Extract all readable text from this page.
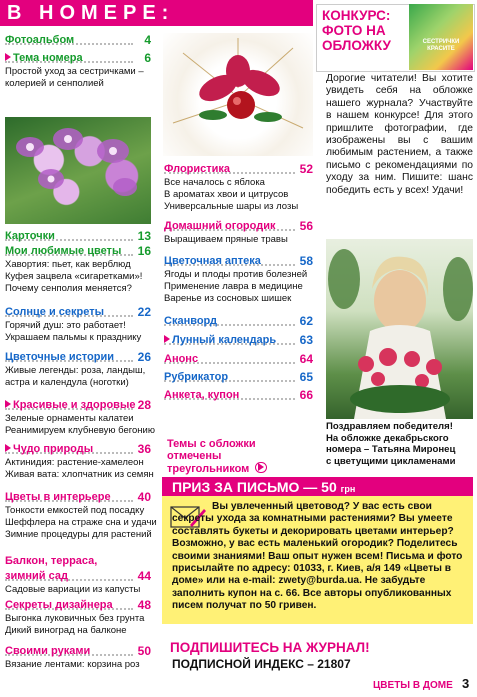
В НОМЕРЕ:
Фотоальбом	4
Тема номера	6
Простой уход за сестричками –
колерией и сенполией
Карточки	13
Мои любимые цветы 16
Хавортия: пьет, как верблюд
Куфея зацвела «сигаретками»!
Почему сенполия меняется?
Солнце и секреты	22
Горячий душ: это работает!
Украшаем пальмы к празднику
Цветочные истории 26
Живые легенды: роза, ландыш,
астра и календула (ноготки)
Красивые и здоровые 28
Зеленые орнаменты калатеи
Реанимируем клубневую бегонию
Чудо природы	36
Актинидия: растение-хамелеон
Живая вата: хлопчатник из семян
Цветы в интерьере 40
Тонкости емкостей под посадку
Шеффлера на страже сна и удачи
Зимние процедуры для растений
Балкон, терраса, зимний сад	44
Садовые вариации из капусты
Секреты дизайнера 48
Выгонка луковичных без грунта
Дикий виноград на балконе
Своими руками	50
Вязание лентами: корзина роз
Флористика	52
Все началось с яблока
В ароматах хвои и цитрусов
Универсальные шары из лозы
Домашний огородик 56
Выращиваем пряные травы
Цветочная аптека	58
Ягоды и плоды против болезней
Применение лавра в медицине
Варенье из сосновых шишек
Сканворд	62
Лунный календарь 63
Анонс	64
Рубрикатор	65
Анкета, купон	66
КОНКУРС:
ФОТО НА
ОБЛОЖКУ	СЕСТРИЧКИ КРАСИТЕ
Дорогие читатели! Вы хотите увидеть себя на обложке нашего журнала? Участвуйте в нашем конкурсе! Для этого пришлите фотографии, где изображены вы с вашим любимым растением, а также письмо с рекомендациями по уходу за ним. Пишите: шанс победить есть у всех! Удачи!
Поздравляем победителя!
На обложке декабрьского
номера – Татьяна Миронец
с цветущими цикламенами
Темы с обложки
отмечены
треугольником
ПРИЗ ЗА ПИСЬМО — 50 грн
Вы увлеченный цветовод? У вас есть свои секреты ухода за комнатными растениями? Вы умеете составлять букеты и декорировать цветами интерьер? Возможно, у вас есть маленький огородик? Поделитесь своими знаниями! Ваш опыт нужен всем! Письма и фото присылайте по адресу: 01033, г. Киев, а/я 149 «Цветы в доме» или на e-mail: zwety@burda.ua. Не забудьте заполнить купон на с. 66. Все авторы опубликованных писем получат по 50 гривен.
ПОДПИШИТЕСЬ НА ЖУРНАЛ!
ПОДПИСНОЙ ИНДЕКС – 21807
ЦВЕТЫ В ДОМЕ 3
